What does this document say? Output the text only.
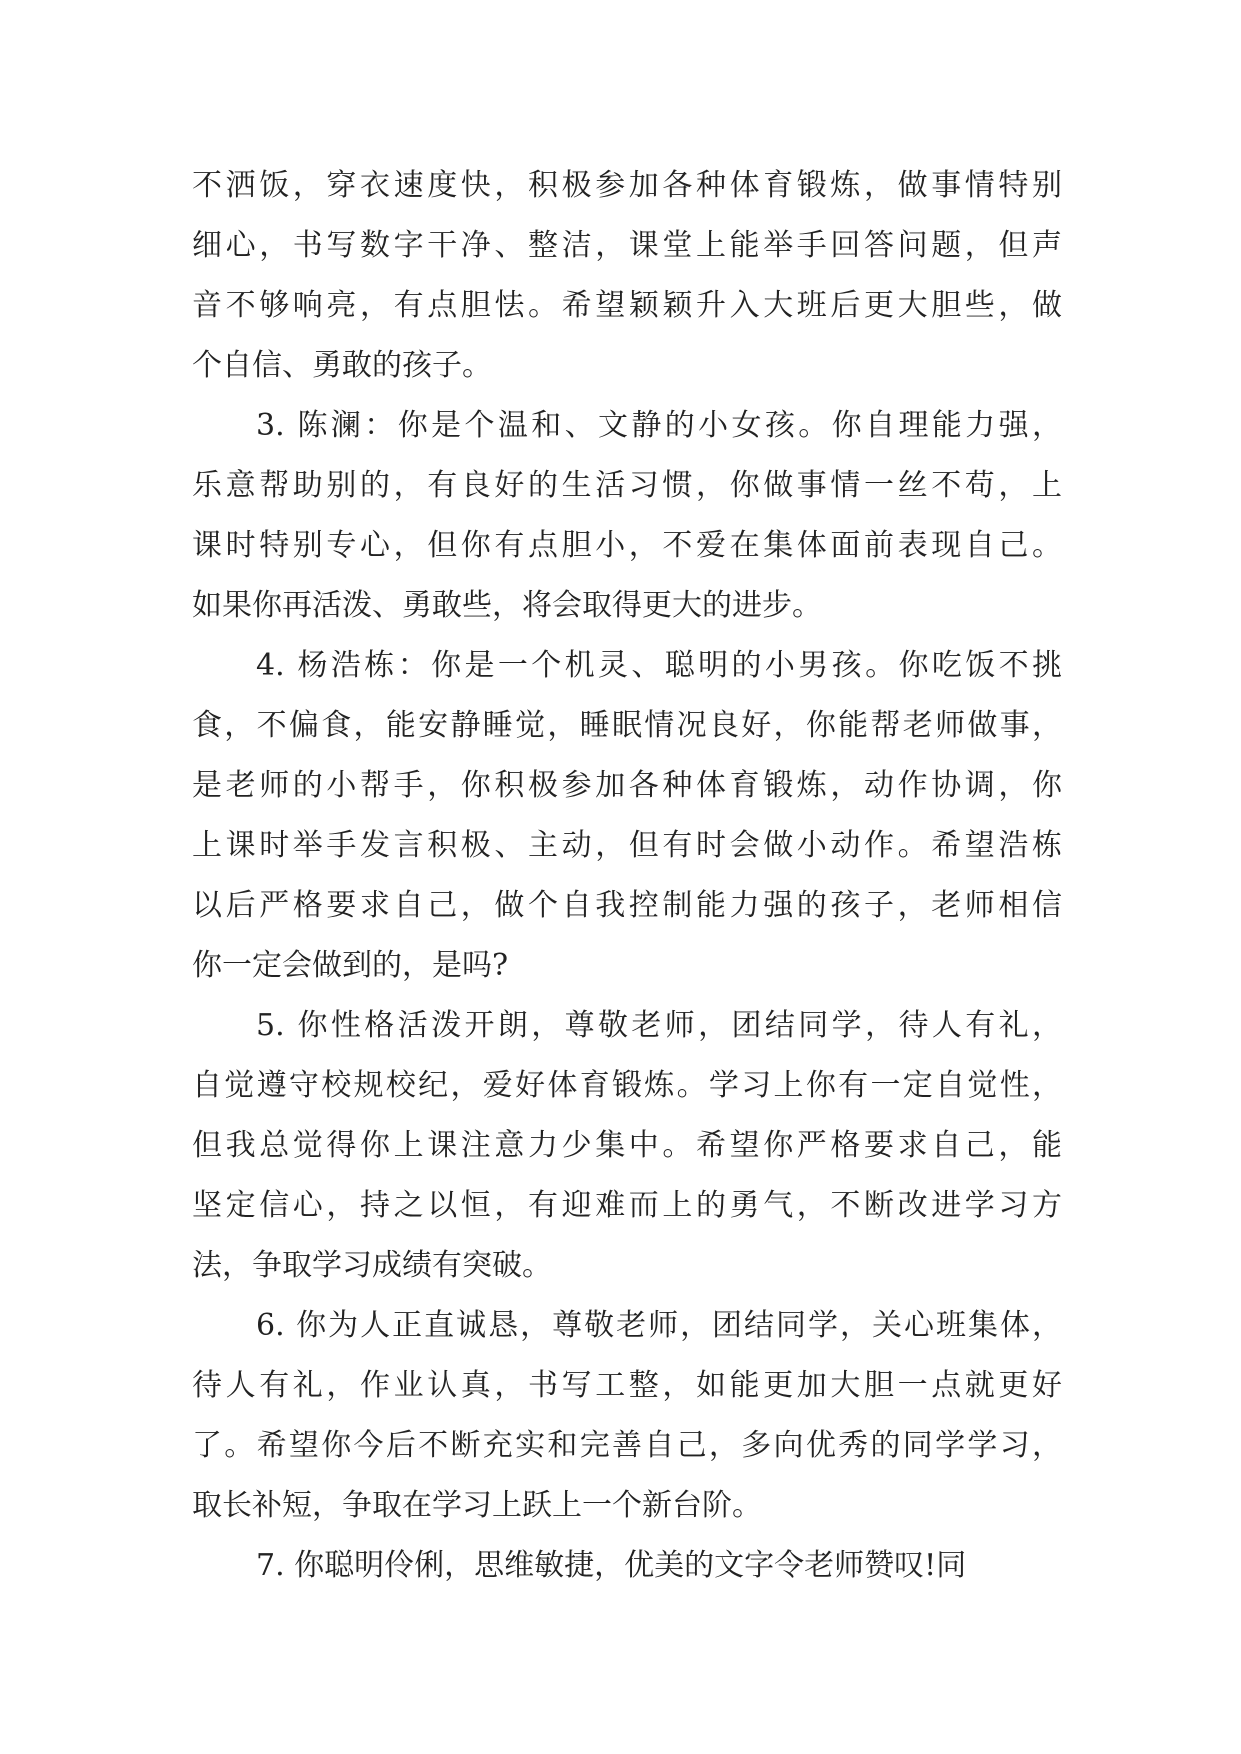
不洒饭，穿衣速度快，积极参加各种体育锻炼，做事情特别
细心，书写数字干净、整洁，课堂上能举手回答问题，但声
音不够响亮，有点胆怯。希望颖颖升入大班后更大胆些，做
个自信、勇敢的孩子。
3. 陈澜：你是个温和、文静的小女孩。你自理能力强，
乐意帮助别的，有良好的生活习惯，你做事情一丝不苟，上
课时特别专心，但你有点胆小，不爱在集体面前表现自己。
如果你再活泼、勇敢些，将会取得更大的进步。
4. 杨浩栋：你是一个机灵、聪明的小男孩。你吃饭不挑
食，不偏食，能安静睡觉，睡眠情况良好，你能帮老师做事，
是老师的小帮手，你积极参加各种体育锻炼，动作协调，你
上课时举手发言积极、主动，但有时会做小动作。希望浩栋
以后严格要求自己，做个自我控制能力强的孩子，老师相信
你一定会做到的，是吗?
5. 你性格活泼开朗，尊敬老师，团结同学，待人有礼，
自觉遵守校规校纪，爱好体育锻炼。学习上你有一定自觉性，
但我总觉得你上课注意力少集中。希望你严格要求自己，能
坚定信心，持之以恒，有迎难而上的勇气，不断改进学习方
法，争取学习成绩有突破。
6. 你为人正直诚恳，尊敬老师，团结同学，关心班集体，
待人有礼，作业认真，书写工整，如能更加大胆一点就更好
了。希望你今后不断充实和完善自己，多向优秀的同学学习，
取长补短，争取在学习上跃上一个新台阶。
7. 你聪明伶俐，思维敏捷，优美的文字令老师赞叹!同
